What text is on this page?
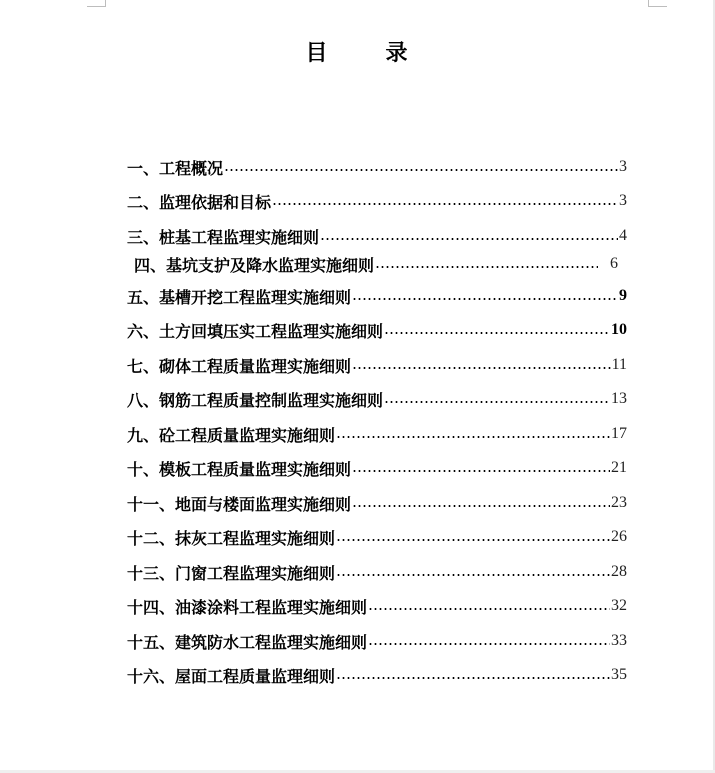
目	录
一、工程概况	3
二、监理依据和目标	3
三、桩基工程监理实施细则	4
四、基坑支护及降水监理实施细则	6
五、基槽开挖工程监理实施细则	9
六、土方回填压实工程监理实施细则	10
七、砌体工程质量监理实施细则	11
八、钢筋工程质量控制监理实施细则	13
九、砼工程质量监理实施细则	17
十、模板工程质量监理实施细则	21
十一、地面与楼面监理实施细则	23
十二、抹灰工程监理实施细则	26
十三、门窗工程监理实施细则	28
十四、油漆涂料工程监理实施细则	32
十五、建筑防水工程监理实施细则	33
十六、屋面工程质量监理细则	35
